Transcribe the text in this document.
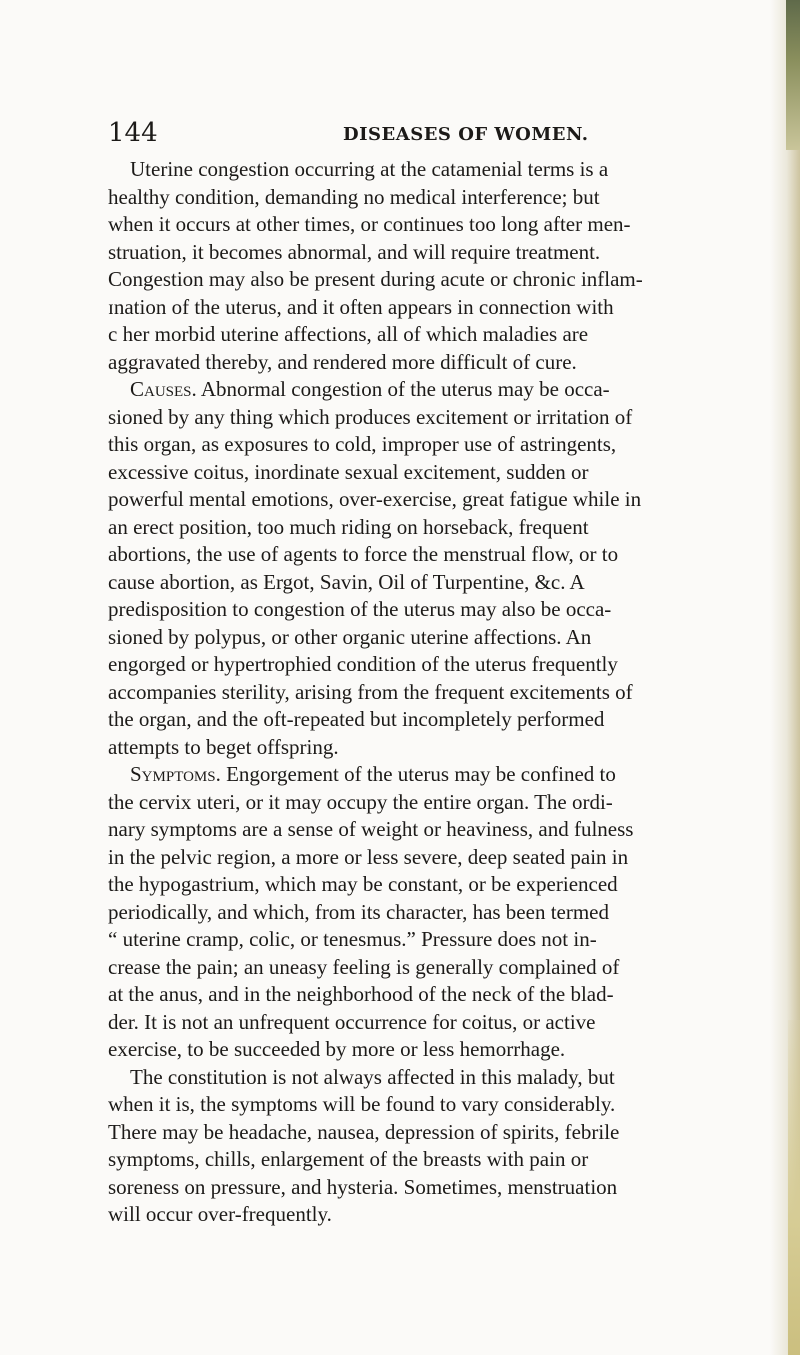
144	DISEASES OF WOMEN.
Uterine congestion occurring at the catamenial terms is a
healthy condition, demanding no medical interference; but
when it occurs at other times, or continues too long after men-
struation, it becomes abnormal, and will require treatment.
Congestion may also be present during acute or chronic inflam-
ɪnation of the uterus, and it often appears in connection with
c her morbid uterine affections, all of which maladies are
aggravated thereby, and rendered more difficult of cure.
Causes. Abnormal congestion of the uterus may be occa-
sioned by any thing which produces excitement or irritation of
this organ, as exposures to cold, improper use of astringents,
excessive coitus, inordinate sexual excitement, sudden or
powerful mental emotions, over-exercise, great fatigue while in
an erect position, too much riding on horseback, frequent
abortions, the use of agents to force the menstrual flow, or to
cause abortion, as Ergot, Savin, Oil of Turpentine, &c. A
predisposition to congestion of the uterus may also be occa-
sioned by polypus, or other organic uterine affections. An
engorged or hypertrophied condition of the uterus frequently
accompanies sterility, arising from the frequent excitements of
the organ, and the oft-repeated but incompletely performed
attempts to beget offspring.
Symptoms. Engorgement of the uterus may be confined to
the cervix uteri, or it may occupy the entire organ. The ordi-
nary symptoms are a sense of weight or heaviness, and fulness
in the pelvic region, a more or less severe, deep seated pain in
the hypogastrium, which may be constant, or be experienced
periodically, and which, from its character, has been termed
“ uterine cramp, colic, or tenesmus.” Pressure does not in-
crease the pain; an uneasy feeling is generally complained of
at the anus, and in the neighborhood of the neck of the blad-
der. It is not an unfrequent occurrence for coitus, or active
exercise, to be succeeded by more or less hemorrhage.
The constitution is not always affected in this malady, but
when it is, the symptoms will be found to vary considerably.
There may be headache, nausea, depression of spirits, febrile
symptoms, chills, enlargement of the breasts with pain or
soreness on pressure, and hysteria. Sometimes, menstruation
will occur over-frequently.
